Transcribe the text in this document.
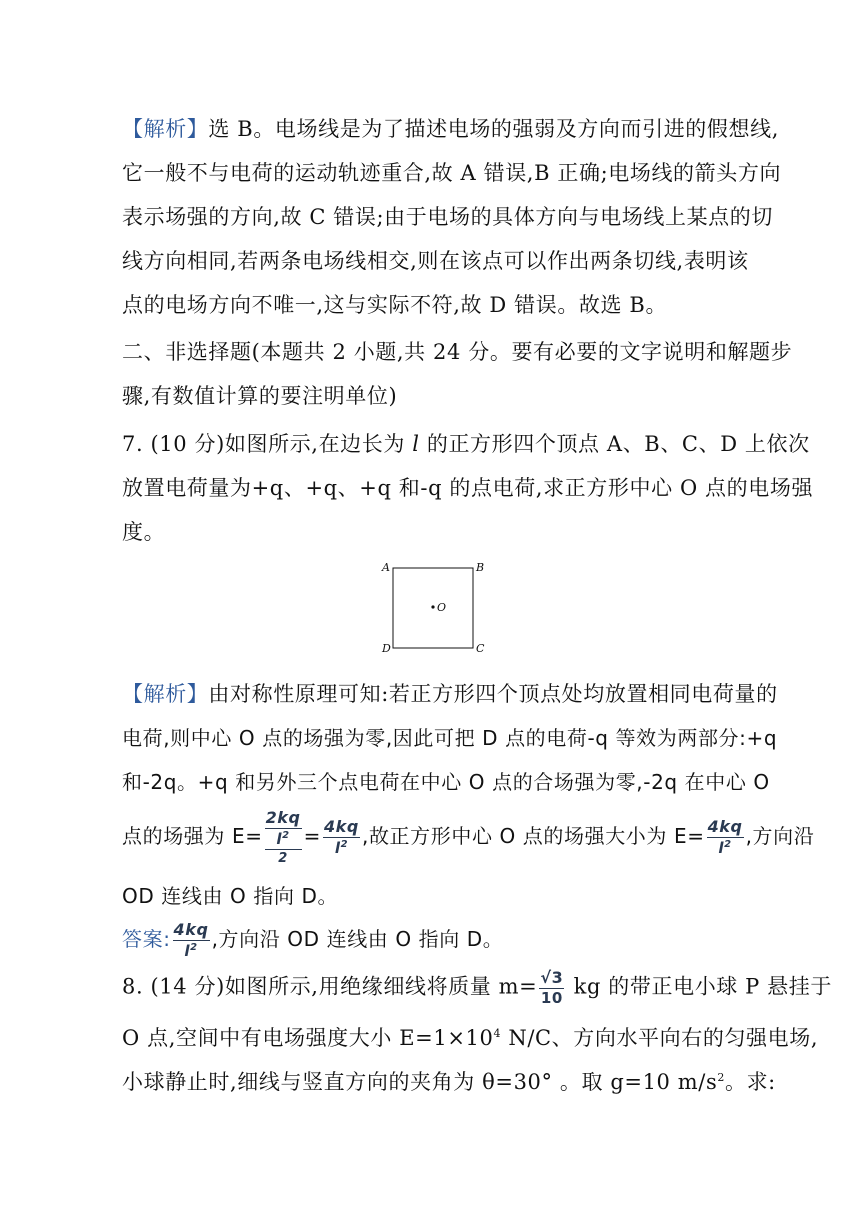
【解析】选 B。电场线是为了描述电场的强弱及方向而引进的假想线,
它一般不与电荷的运动轨迹重合,故 A 错误,B 正确;电场线的箭头方向
表示场强的方向,故 C 错误;由于电场的具体方向与电场线上某点的切
线方向相同,若两条电场线相交,则在该点可以作出两条切线,表明该
点的电场方向不唯一,这与实际不符,故 D 错误。故选 B。
二、非选择题(本题共 2 小题,共 24 分。要有必要的文字说明和解题步
骤,有数值计算的要注明单位)
7. (10 分)如图所示,在边长为 l 的正方形四个顶点 A、B、C、D 上依次
放置电荷量为+q、+q、+q 和-q 的点电荷,求正方形中心 O 点的电场强
度。
A	B
C
D
O
【解析】由对称性原理可知:若正方形四个顶点处均放置相同电荷量的
电荷,则中心 O 点的场强为零,因此可把 D 点的电荷-q 等效为两部分:+q
和-2q。+q 和另外三个点电荷在中心 O 点的合场强为零,-2q 在中心 O
点的场强为 E= 2kq
$l^2$
$2 = \frac{4kq}{l^2}$ ,故正方形中心 O 点的场强大小为 $E= \frac{4kq}{l^2}$ ,方向沿
OD 连线由 O 指向 D。
答案: $\frac{4kq}{l^2}$ ,方向沿 OD 连线由 O 指向 D。
8. (14 分)如图所示,用绝缘细线将质量 $m= \frac{√3}{10}$ kg 的带正电小球 P 悬挂于
O 点,空间中有电场强度大小 $E=1\times 10^4$ N/C、方向水平向右的匀强电场,
小球静止时,细线与竖直方向的夹角为 θ=30° 。取 g=10 $m/s^2$。求:
